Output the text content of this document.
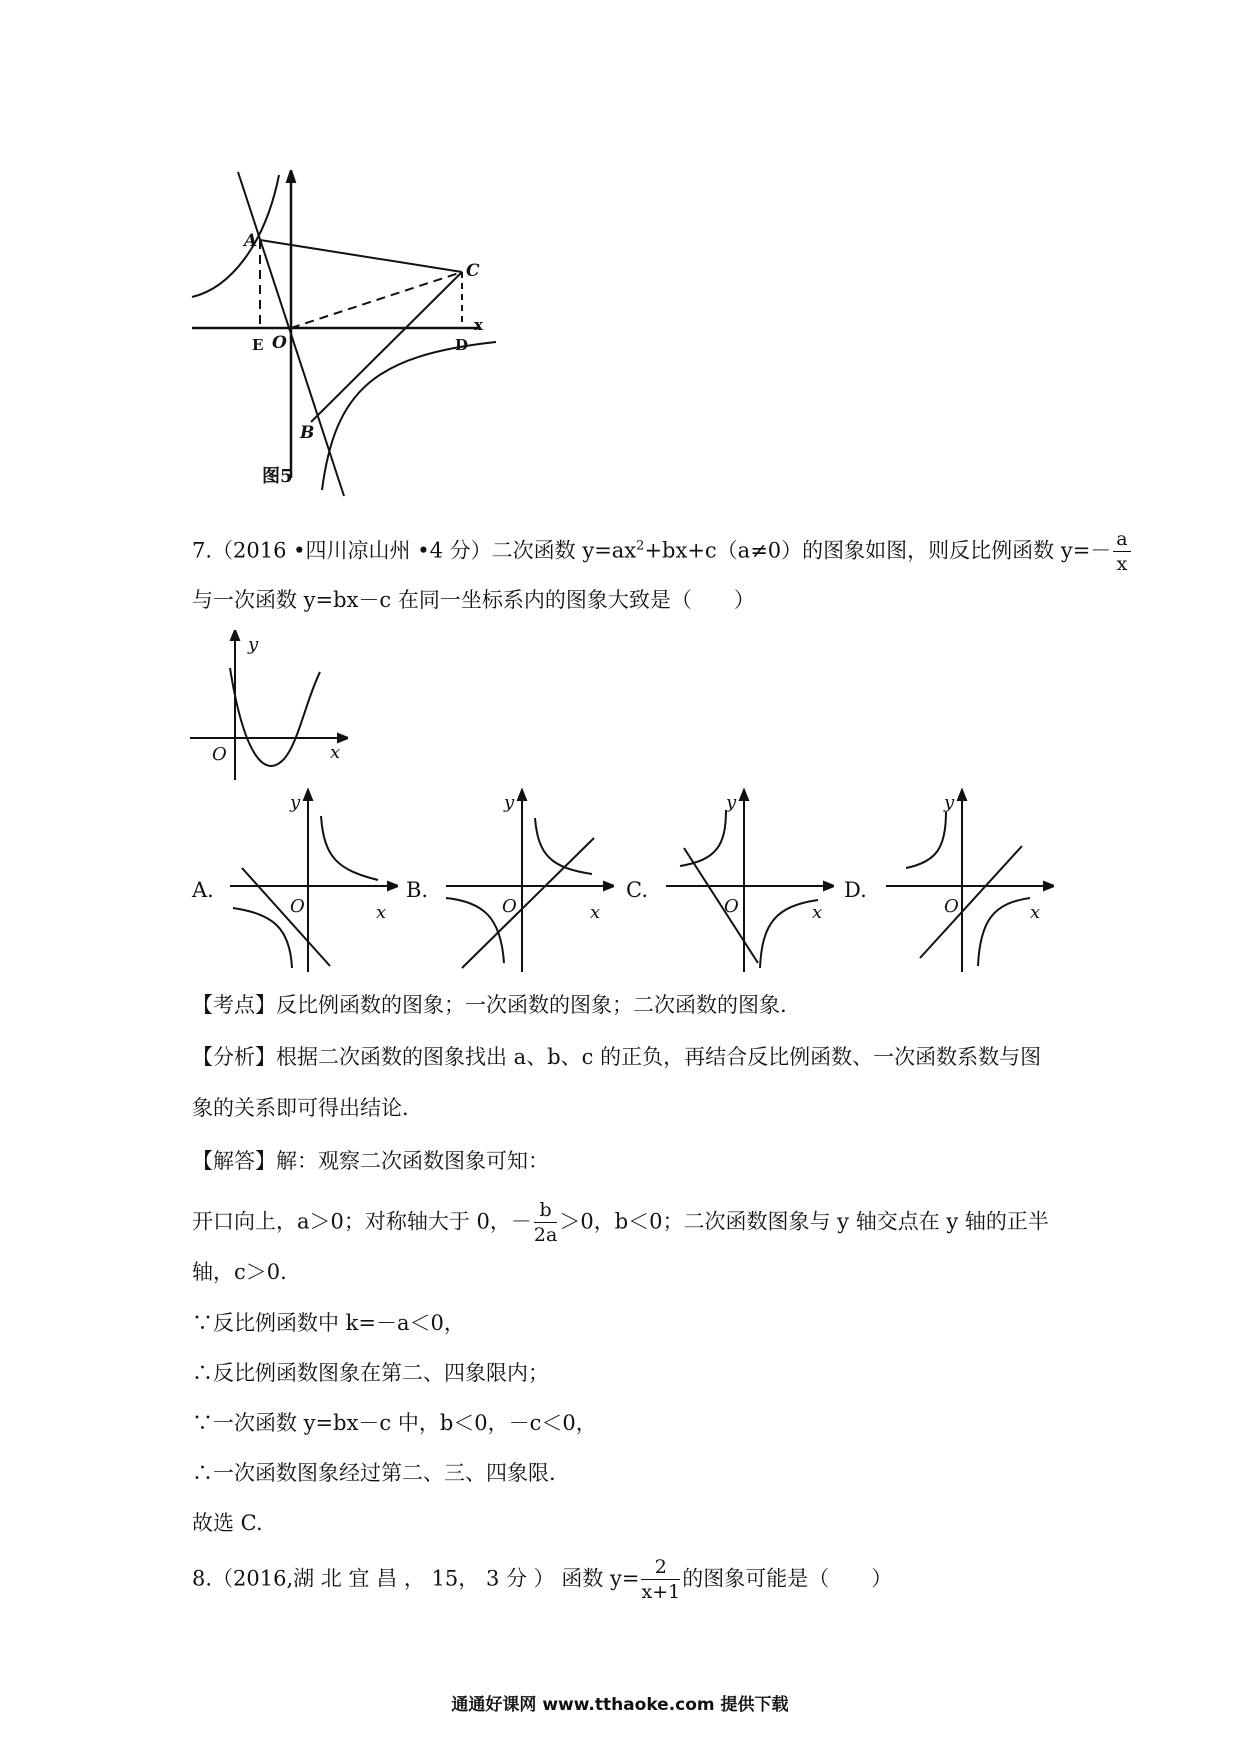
A
C
O
B
E	D
x
图5
7.（2016 •四川凉山州 •4 分）二次函数 $y=ax^2+bx+c(a\ne 0)$的图象如图，则反比例函数 $y=- \frac{a}{x}$
与一次函数 y=bx－c 在同一坐标系内的图象大致是（　　）
y
x
O
A.
y
x
O
B.
y
x
O
C.
y
x
O
D.
y
x
O
【考点】反比例函数的图象；一次函数的图象；二次函数的图象.
【分析】根据二次函数的图象找出 a、b、c 的正负，再结合反比例函数、一次函数系数与图
象的关系即可得出结论.
【解答】解：观察二次函数图象可知：
开口向上，a＞0；对称轴大于 0，－ $\frac{b}{2a} >0$，b＜0；二次函数图象与 y 轴交点在 y 轴的正半
轴，c＞0.
∵反比例函数中 k=－a＜0，
∴反比例函数图象在第二、四象限内；
∵一次函数 y=bx－c 中，b＜0，－c＜0，
∴一次函数图象经过第二、三、四象限.
故选 C.
8.（2016,湖 北 宜 昌 ， 15， 3 分 ） 函数 $y= \frac{2}{x+1}$ 的图象可能是（　　）
通通好课网 www.tthaoke.com 提供下载
